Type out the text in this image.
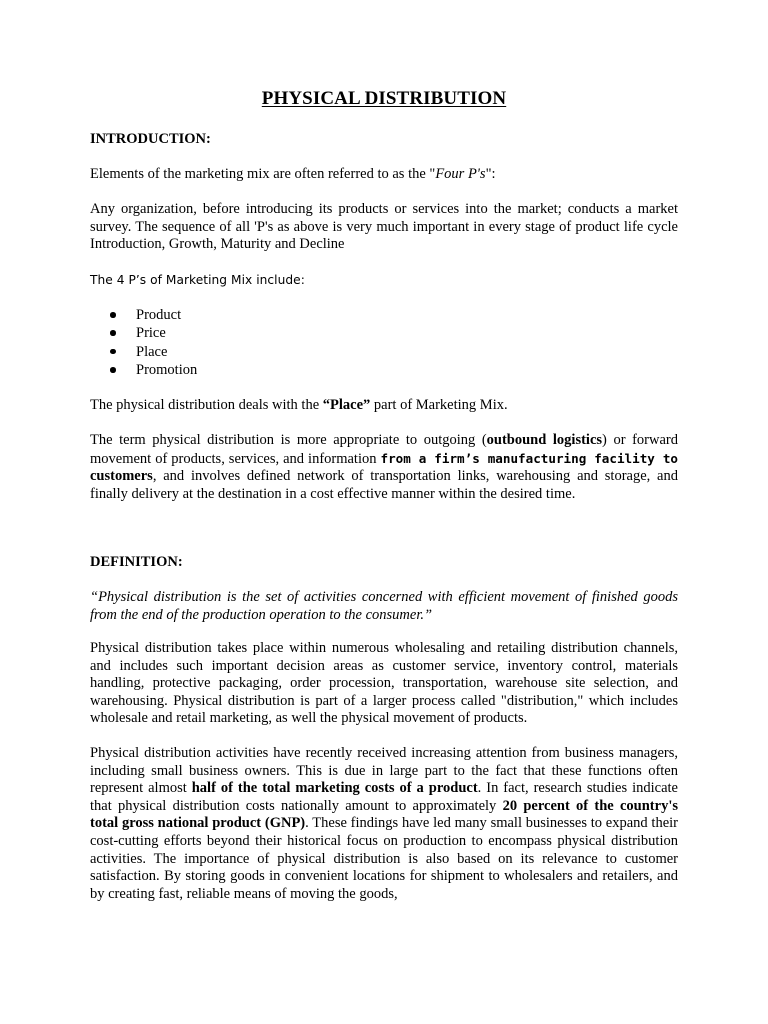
PHYSICAL DISTRIBUTION
INTRODUCTION:
Elements of the marketing mix are often referred to as the "Four P's":
Any organization, before introducing its products or services into the market; conducts a market survey. The sequence of all 'P's as above is very much important in every stage of product life cycle Introduction, Growth, Maturity and Decline
The 4 P’s of Marketing Mix include:
Product
Price
Place
Promotion
The physical distribution deals with the “Place” part of Marketing Mix.
The term physical distribution is more appropriate to outgoing (outbound logistics) or forward movement of products, services, and information from a firm’s manufacturing facility to customers, and involves defined network of transportation links, warehousing and storage, and finally delivery at the destination in a cost effective manner within the desired time.
DEFINITION:
“Physical distribution is the set of activities concerned with efficient movement of finished goods from the end of the production operation to the consumer.”
Physical distribution takes place within numerous wholesaling and retailing distribution channels, and includes such important decision areas as customer service, inventory control, materials handling, protective packaging, order procession, transportation, warehouse site selection, and warehousing. Physical distribution is part of a larger process called "distribution," which includes wholesale and retail marketing, as well the physical movement of products.
Physical distribution activities have recently received increasing attention from business managers, including small business owners. This is due in large part to the fact that these functions often represent almost half of the total marketing costs of a product. In fact, research studies indicate that physical distribution costs nationally amount to approximately 20 percent of the country's total gross national product (GNP). These findings have led many small businesses to expand their cost-cutting efforts beyond their historical focus on production to encompass physical distribution activities. The importance of physical distribution is also based on its relevance to customer satisfaction. By storing goods in convenient locations for shipment to wholesalers and retailers, and by creating fast, reliable means of moving the goods,
